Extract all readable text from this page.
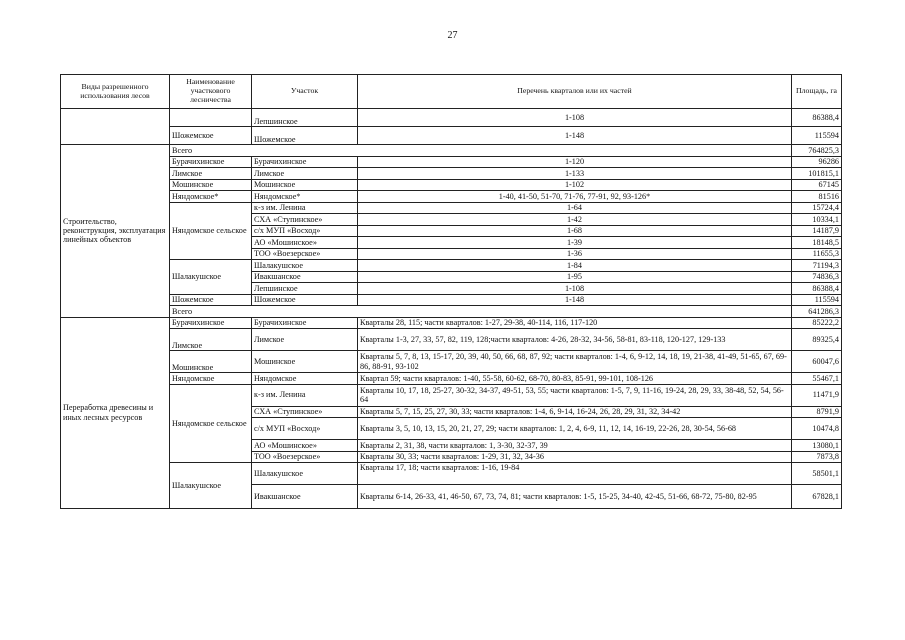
27
Виды разрешенного использования лесов	Наименование участкового лесничества	Участок	Перечень кварталов или их частей	Площадь, га
		Лепшинское	1-108	86388,4
	Шожемское	Шожемское	1-148	115594
Строительство, реконструкция, эксплуатация линейных объектов	Всего			764825,3
	Бурачихинское	Бурачихинское	1-120	96286
	Лимское	Лимское	1-133	101815,1
	Мошинское	Мошинское	1-102	67145
	Няндомское*	Няндомское*	1-40, 41-50, 51-70, 71-76, 77-91, 92, 93-126*	81516
	Няндомское сельское	к-з им. Ленина	1-64	15724,4
		СХА «Ступинское»	1-42	10334,1
		с/х МУП «Восход»	1-68	14187,9
		АО «Мошинское»	1-39	18148,5
		ТОО «Воезерское»	1-36	11655,3
	Шалакушское	Шалакушское	1-84	71194,3
		Ивакшанское	1-95	74836,3
		Лепшинское	1-108	86388,4
	Шожемское	Шожемское	1-148	115594
	Всего			641286,3
Переработка древесины и иных лесных ресурсов	Бурачихинское	Бурачихинское	Кварталы 28, 115; части кварталов: 1-27, 29-38, 40-114, 116, 117-120	85222,2
	Лимское	Лимское	Кварталы 1-3, 27, 33, 57, 82, 119, 128;части кварталов: 4-26, 28-32, 34-56, 58-81, 83-118, 120-127, 129-133	89325,4
	Мошинское	Мошинское	Кварталы 5, 7, 8, 13, 15-17, 20, 39, 40, 50, 66, 68, 87, 92; части кварталов: 1-4, 6, 9-12, 14, 18, 19, 21-38, 41-49, 51-65, 67, 69-86, 88-91, 93-102	60047,6
	Няндомское	Няндомское	Квартал 59; части кварталов: 1-40, 55-58, 60-62, 68-70, 80-83, 85-91, 99-101, 108-126	55467,1
	Няндомское сельское	к-з им. Ленина	Кварталы 10, 17, 18, 25-27, 30-32, 34-37, 49-51, 53, 55; части кварталов: 1-5, 7, 9, 11-16, 19-24, 28, 29, 33, 38-48, 52, 54, 56-64	11471,9
		СХА «Ступинское»	Кварталы 5, 7, 15, 25, 27, 30, 33; части кварталов: 1-4, 6, 9-14, 16-24, 26, 28, 29, 31, 32, 34-42	8791,9
		с/х МУП «Восход»	Кварталы 3, 5, 10, 13, 15, 20, 21, 27, 29; части кварталов: 1, 2, 4, 6-9, 11, 12, 14, 16-19, 22-26, 28, 30-54, 56-68	10474,8
		АО «Мошинское»	Кварталы 2, 31, 38, части кварталов: 1, 3-30, 32-37, 39	13080,1
		ТОО «Воезерское»	Кварталы 30, 33; части кварталов: 1-29, 31, 32, 34-36	7873,8
	Шалакушское	Шалакушское	Кварталы 17, 18; части кварталов: 1-16, 19-84	58501,1
		Ивакшанское	Кварталы 6-14, 26-33, 41, 46-50, 67, 73, 74, 81; части кварталов: 1-5, 15-25, 34-40, 42-45, 51-66, 68-72, 75-80, 82-95	67828,1
